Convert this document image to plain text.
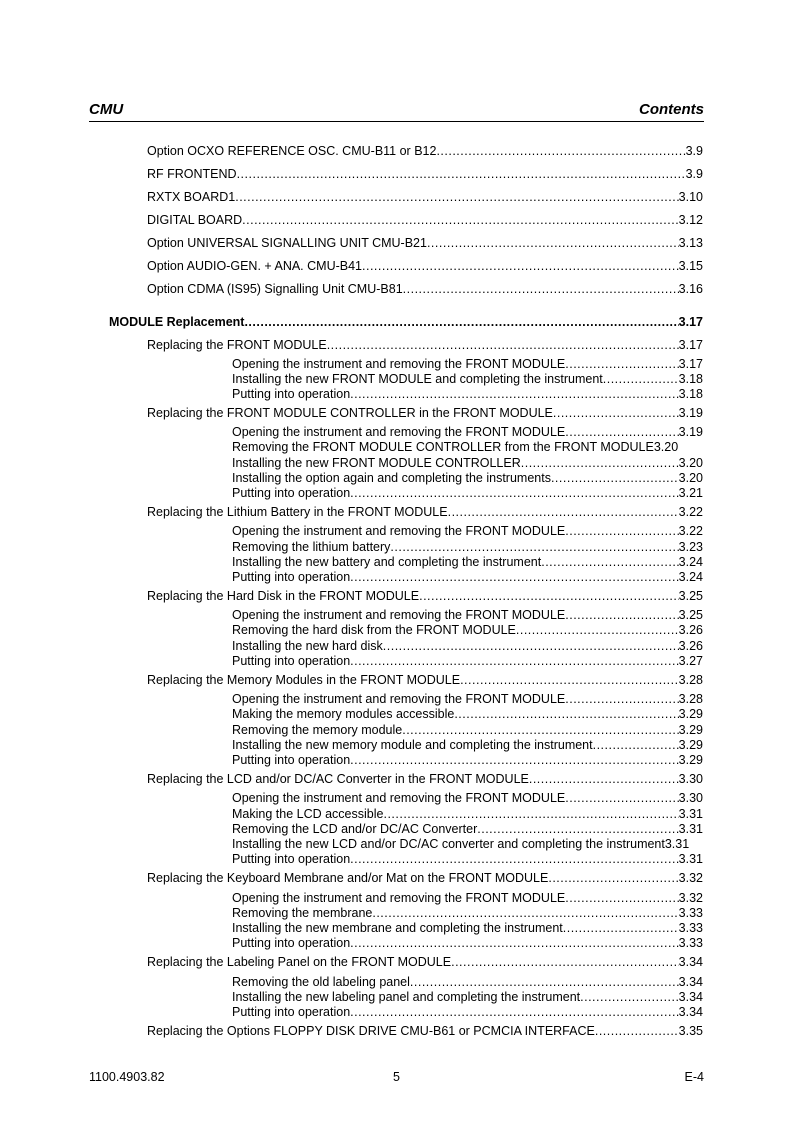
CMU	Contents
Option OCXO REFERENCE OSC. CMU-B11 or B12 .....	3.9
RF FRONTEND .....	3.9
RXTX BOARD1 .....	3.10
DIGITAL BOARD .....	3.12
Option UNIVERSAL SIGNALLING UNIT CMU-B21 .....	3.13
Option AUDIO-GEN. + ANA. CMU-B41 .....	3.15
Option CDMA (IS95) Signalling Unit CMU-B81 .....	3.16
MODULE Replacement .....	3.17
Replacing the FRONT MODULE .....	3.17
Opening the instrument and removing the FRONT MODULE .....	3.17
Installing the new FRONT MODULE and completing the instrument .....	3.18
Putting into operation .....	3.18
Replacing the FRONT MODULE CONTROLLER in the FRONT MODULE .....	3.19
Opening the instrument and removing the FRONT MODULE .....	3.19
Removing the FRONT MODULE CONTROLLER from the FRONT MODULE 3.20
Installing the new FRONT MODULE CONTROLLER .....	3.20
Installing the option again and completing the instruments .....	3.20
Putting into operation .....	3.21
Replacing the Lithium Battery in the FRONT MODULE .....	3.22
Opening the instrument and removing the FRONT MODULE .....	3.22
Removing the lithium battery .....	3.23
Installing the new battery and completing the instrument .....	3.24
Putting into operation .....	3.24
Replacing the Hard Disk in the FRONT MODULE .....	3.25
Opening the instrument and removing the FRONT MODULE .....	3.25
Removing the hard disk from the FRONT MODULE .....	3.26
Installing the new hard disk .....	3.26
Putting into operation .....	3.27
Replacing the Memory Modules in the FRONT MODULE .....	3.28
Opening the instrument and removing the FRONT MODULE .....	3.28
Making the memory modules accessible .....	3.29
Removing the memory module .....	3.29
Installing the new memory module and completing the instrument .....	3.29
Putting into operation .....	3.29
Replacing the LCD and/or DC/AC Converter in the FRONT MODULE .....	3.30
Opening the instrument and removing the FRONT MODULE .....	3.30
Making the LCD accessible .....	3.31
Removing the LCD and/or DC/AC Converter .....	3.31
Installing the new LCD and/or DC/AC converter and completing the instrument 3.31
Putting into operation .....	3.31
Replacing the Keyboard Membrane and/or Mat on the FRONT MODULE .....	3.32
Opening the instrument and removing the FRONT MODULE .....	3.32
Removing the membrane .....	3.33
Installing the new membrane and completing the instrument .....	3.33
Putting into operation .....	3.33
Replacing the Labeling Panel on the FRONT MODULE .....	3.34
Removing the old labeling panel .....	3.34
Installing the new labeling panel and completing the instrument .....	3.34
Putting into operation .....	3.34
Replacing the Options FLOPPY DISK DRIVE CMU-B61 or PCMCIA INTERFACE .....	3.35
1100.4903.82	5	E-4
